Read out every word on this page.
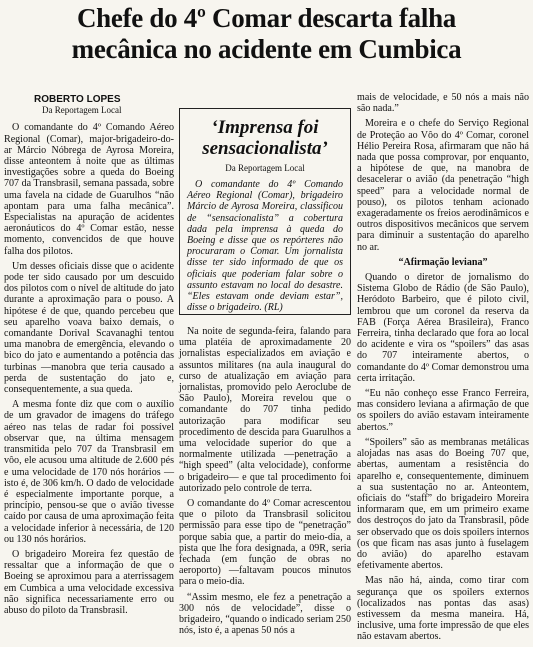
Chefe do 4º Comar descarta falha
mecânica no acidente em Cumbica
ROBERTO LOPES
Da Reportagem Local

O comandante do 4º Comando Aéreo Regional (Comar), major-brigadeiro-do-ar Márcio Nóbrega de Ayrosa Moreira, disse anteontem à noite que as últimas investigações sobre a queda do Boeing 707 da Transbrasil, semana passada, sobre uma favela na cidade de Guarulhos “não apontam para uma falha mecânica”. Especialistas na apuração de acidentes aeronáuticos do 4º Comar estão, nesse momento, convencidos de que houve falha dos pilotos.

Um desses oficiais disse que o acidente pode ter sido causado por um descuido dos pilotos com o nível de altitude do jato durante a aproximação para o pouso. A hipótese é de que, quando percebeu que seu aparelho voava baixo demais, o comandante Dorival Scavanaghi tentou uma manobra de emergência, elevando o bico do jato e aumentando a potência das turbinas —manobra que teria causado a perda de sustentação do jato e, consequentemente, a sua queda.

A mesma fonte diz que com o auxílio de um gravador de imagens do tráfego aéreo nas telas de radar foi possível observar que, na última mensagem transmitida pelo 707 da Transbrasil em vôo, ele acusou uma altitude de 2.600 pés e uma velocidade de 170 nós horários —isto é, de 306 km/h. O dado de velocidade é especialmente importante porque, a princípio, pensou-se que o avião tivesse caído por causa de uma aproximação feita a velocidade inferior à necessária, de 120 ou 130 nós horários.

O brigadeiro Moreira fez questão de ressaltar que a informação de que o Boeing se aproximou para a aterrissagem em Cumbica a uma velocidade excessiva não significa necessariamente erro ou abuso do piloto da Transbrasil.

‘Imprensa foi sensacionalista’
Da Reportagem Local

O comandante do 4º Comando Aéreo Regional (Comar), brigadeiro Márcio de Ayrosa Moreira, classificou de “sensacionalista” a cobertura dada pela imprensa à queda do Boeing e disse que os repórteres não procuraram o Comar. Um jornalista disse ter sido informado de que os oficiais que poderiam falar sobre o assunto estavam no local do desastre. “Eles estavam onde deviam estar”, disse o brigadeiro. (RL)

Na noite de segunda-feira, falando para uma platéia de aproximadamente 20 jornalistas especializados em aviação e assuntos militares (na aula inaugural do curso de atualização em aviação para jornalistas, promovido pelo Aeroclube de São Paulo), Moreira revelou que o comandante do 707 tinha pedido autorização para modificar seu procedimento de descida para Guarulhos a uma velocidade superior do que a normalmente utilizada —penetração a “high speed” (alta velocidade), conforme o brigadeiro— e que tal procedimento foi autorizado pelo controle de terra.

O comandante do 4º Comar acrescentou que o piloto da Transbrasil solicitou permissão para esse tipo de “penetração” porque sabia que, a partir do meio-dia, a pista que lhe fora designada, a 09R, seria fechada (em função de obras no aeroporto) —faltavam poucos minutos para o meio-dia.

“Assim mesmo, ele fez a penetração a 300 nós de velocidade”, disse o brigadeiro, “quando o indicado seriam 250 nós, isto é, a apenas 50 nós a

mais de velocidade, e 50 nós a mais não são nada.”

Moreira e o chefe do Serviço Regional de Proteção ao Vôo do 4º Comar, coronel Hélio Pereira Rosa, afirmaram que não há nada que possa comprovar, por enquanto, a hipótese de que, na manobra de desacelerar o avião (da penetração “high speed” para a velocidade normal de pouso), os pilotos tenham acionado exageradamente os freios aerodinâmicos e outros dispositivos mecânicos que servem para diminuir a sustentação do aparelho no ar.

“Afirmação leviana”

Quando o diretor de jornalismo do Sistema Globo de Rádio (de São Paulo), Heródoto Barbeiro, que é piloto civil, lembrou que um coronel da reserva da FAB (Força Aérea Brasileira), Franco Ferreira, tinha declarado que fora ao local do acidente e vira os “spoilers” das asas do 707 inteiramente abertos, o comandante do 4º Comar demonstrou uma certa irritação.

“Eu não conheço esse Franco Ferreira, mas considero leviana a afirmação de que os spoilers do avião estavam inteiramente abertos.”

“Spoilers” são as membranas metálicas alojadas nas asas do Boeing 707 que, abertas, aumentam a resistência do aparelho e, consequentemente, diminuem a sua sustentação no ar. Anteontem, oficiais do “staff” do brigadeiro Moreira informaram que, em um primeiro exame dos destroços do jato da Transbrasil, pôde ser observado que os dois spoilers internos (os que ficam nas asas junto à fuselagem do avião) do aparelho estavam efetivamente abertos.

Mas não há, ainda, como tirar com segurança que os spoilers externos (localizados nas pontas das asas) estivessem da mesma maneira. Há, inclusive, uma forte impressão de que eles não estavam abertos.
